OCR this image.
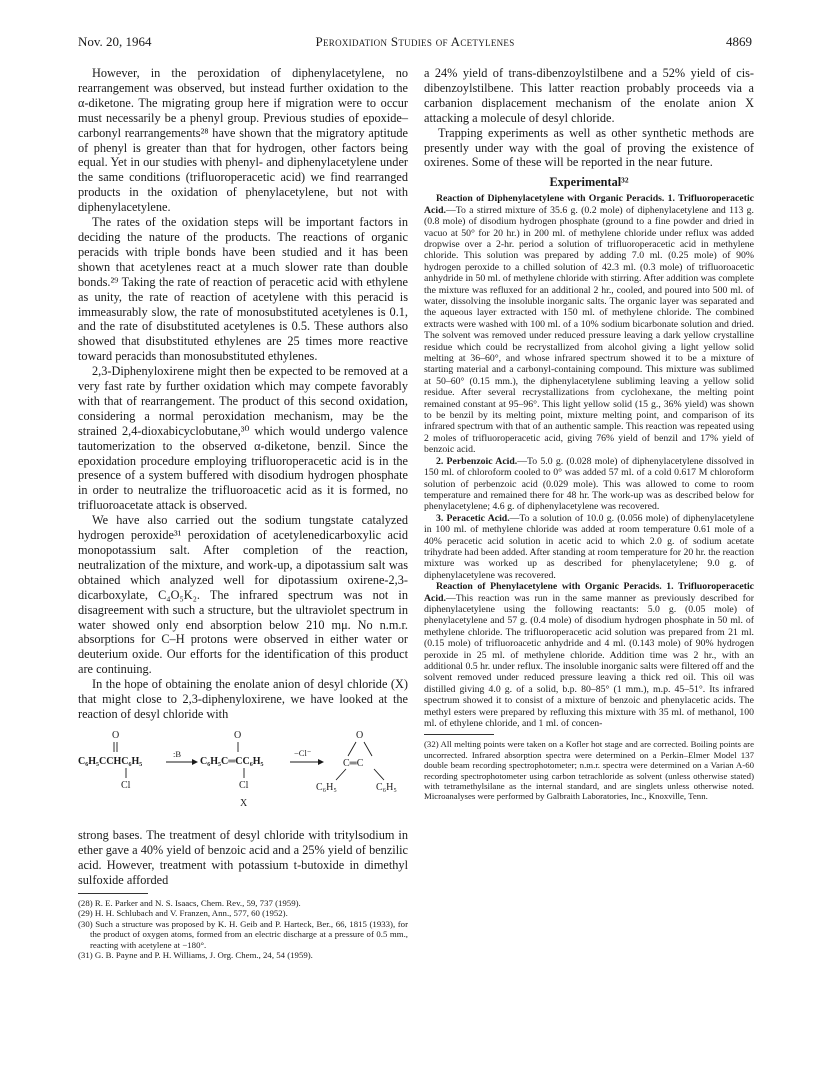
Nov. 20, 1964	Peroxidation Studies of Acetylenes	4869

However, in the peroxidation of diphenylacetylene, no rearrangement was observed, but instead further oxidation to the α-diketone. The migrating group here if migration were to occur must necessarily be a phenyl group. Previous studies of epoxide–carbonyl rearrangements²⁸ have shown that the migratory aptitude of phenyl is greater than that for hydrogen, other factors being equal. Yet in our studies with phenyl- and diphenylacetylene under the same conditions (trifluoroperacetic acid) we find rearranged products in the oxidation of phenylacetylene, but not with diphenylacetylene.

The rates of the oxidation steps will be important factors in deciding the nature of the products. The reactions of organic peracids with triple bonds have been studied and it has been shown that acetylenes react at a much slower rate than double bonds.²⁹ Taking the rate of reaction of peracetic acid with ethylene as unity, the rate of reaction of acetylene with this peracid is immeasurably slow, the rate of monosubstituted acetylenes is 0.1, and the rate of disubstituted acetylenes is 0.5. These authors also showed that disubstituted ethylenes are 25 times more reactive toward peracids than monosubstituted ethylenes.

2,3-Diphenyloxirene might then be expected to be removed at a very fast rate by further oxidation which may compete favorably with that of rearrangement. The product of this second oxidation, considering a normal peroxidation mechanism, may be the strained 2,4-dioxabicyclobutane,³⁰ which would undergo valence tautomerization to the observed α-diketone, benzil. Since the epoxidation procedure employing trifluoroperacetic acid is in the presence of a system buffered with disodium hydrogen phosphate in order to neutralize the trifluoroacetic acid as it is formed, no trifluoroacetate attack is observed.

We have also carried out the sodium tungstate catalyzed hydrogen peroxide³¹ peroxidation of acetylenedicarboxylic acid monopotassium salt. After completion of the reaction, neutralization of the mixture, and work-up, a dipotassium salt was obtained which analyzed well for dipotassium oxirene-2,3-dicarboxylate, C₄O₅K₂. The infrared spectrum was not in disagreement with such a structure, but the ultraviolet spectrum in water showed only end absorption below 210 mμ. No n.m.r. absorptions for C–H protons were observed in either water or deuterium oxide. Our efforts for the identification of this product are continuing.

In the hope of obtaining the enolate anion of desyl chloride (X) that might close to 2,3-diphenyloxirene, we have looked at the reaction of desyl chloride with

O
C₆H₅CCHC₆H₅
Cl
:B
O
C₆H₅C═CC₆H₅
Cl
X
−Cl⁻
O
C═C
C₆H₅	C₆H₅

strong bases. The treatment of desyl chloride with tritylsodium in ether gave a 40% yield of benzoic acid and a 25% yield of benzilic acid. However, treatment with potassium t-butoxide in dimethyl sulfoxide afforded

(28) R. E. Parker and N. S. Isaacs, Chem. Rev., 59, 737 (1959).

(29) H. H. Schlubach and V. Franzen, Ann., 577, 60 (1952).

(30) Such a structure was proposed by K. H. Geib and P. Harteck, Ber., 66, 1815 (1933), for the product of oxygen atoms, formed from an electric discharge at a pressure of 0.5 mm., reacting with acetylene at −180°.

(31) G. B. Payne and P. H. Williams, J. Org. Chem., 24, 54 (1959).

a 24% yield of trans-dibenzoylstilbene and a 52% yield of cis-dibenzoylstilbene. This latter reaction probably proceeds via a carbanion displacement mechanism of the enolate anion X attacking a molecule of desyl chloride.

Trapping experiments as well as other synthetic methods are presently under way with the goal of proving the existence of oxirenes. Some of these will be reported in the near future.

Experimental³²

Reaction of Diphenylacetylene with Organic Peracids. 1. Trifluoroperacetic Acid.—To a stirred mixture of 35.6 g. (0.2 mole) of diphenylacetylene and 113 g. (0.8 mole) of disodium hydrogen phosphate (ground to a fine powder and dried in vacuo at 50° for 20 hr.) in 200 ml. of methylene chloride under reflux was added dropwise over a 2-hr. period a solution of trifluoroperacetic acid in methylene chloride. This solution was prepared by adding 7.0 ml. (0.25 mole) of 90% hydrogen peroxide to a chilled solution of 42.3 ml. (0.3 mole) of trifluoroacetic anhydride in 50 ml. of methylene chloride with stirring. After addition was complete the mixture was refluxed for an additional 2 hr., cooled, and poured into 500 ml. of water, dissolving the insoluble inorganic salts. The organic layer was separated and the aqueous layer extracted with 150 ml. of methylene chloride. The combined extracts were washed with 100 ml. of a 10% sodium bicarbonate solution and dried. The solvent was removed under reduced pressure leaving a dark yellow crystalline residue which could be recrystallized from alcohol giving a light yellow solid melting at 36–60°, and whose infrared spectrum showed it to be a mixture of starting material and a carbonyl-containing compound. This mixture was sublimed at 50–60° (0.15 mm.), the diphenylacetylene subliming leaving a yellow solid residue. After several recrystallizations from cyclohexane, the melting point remained constant at 95–96°. This light yellow solid (15 g., 36% yield) was shown to be benzil by its melting point, mixture melting point, and comparison of its infrared spectrum with that of an authentic sample. This reaction was repeated using 2 moles of trifluoroperacetic acid, giving 76% yield of benzil and 17% yield of benzoic acid.

2. Perbenzoic Acid.—To 5.0 g. (0.028 mole) of diphenylacetylene dissolved in 150 ml. of chloroform cooled to 0° was added 57 ml. of a cold 0.617 M chloroform solution of perbenzoic acid (0.029 mole). This was allowed to come to room temperature and remained there for 48 hr. The work-up was as described below for phenylacetylene; 4.6 g. of diphenylacetylene was recovered.

3. Peracetic Acid.—To a solution of 10.0 g. (0.056 mole) of diphenylacetylene in 100 ml. of methylene chloride was added at room temperature 0.61 mole of a 40% peracetic acid solution in acetic acid to which 2.0 g. of sodium acetate trihydrate had been added. After standing at room temperature for 20 hr. the reaction mixture was worked up as described for phenylacetylene; 9.0 g. of diphenylacetylene was recovered.

Reaction of Phenylacetylene with Organic Peracids. 1. Trifluoroperacetic Acid.—This reaction was run in the same manner as previously described for diphenylacetylene using the following reactants: 5.0 g. (0.05 mole) of phenylacetylene and 57 g. (0.4 mole) of disodium hydrogen phosphate in 50 ml. of methylene chloride. The trifluoroperacetic acid solution was prepared from 21 ml. (0.15 mole) of trifluoroacetic anhydride and 4 ml. (0.143 mole) of 90% hydrogen peroxide in 25 ml. of methylene chloride. Addition time was 2 hr., with an additional 0.5 hr. under reflux. The insoluble inorganic salts were filtered off and the solvent removed under reduced pressure leaving a thick red oil. This oil was distilled giving 4.0 g. of a solid, b.p. 80–85° (1 mm.), m.p. 45–51°. Its infrared spectrum showed it to consist of a mixture of benzoic and phenylacetic acids. The methyl esters were prepared by refluxing this mixture with 35 ml. of methanol, 100 ml. of ethylene chloride, and 1 ml. of concen-

(32) All melting points were taken on a Kofler hot stage and are corrected. Boiling points are uncorrected. Infrared absorption spectra were determined on a Perkin–Elmer Model 137 double beam recording spectrophotometer; n.m.r. spectra were determined on a Varian A-60 recording spectrophotometer using carbon tetrachloride as solvent (unless otherwise stated) with tetramethylsilane as the internal standard, and are singlets unless otherwise noted. Microanalyses were performed by Galbraith Laboratories, Inc., Knoxville, Tenn.
